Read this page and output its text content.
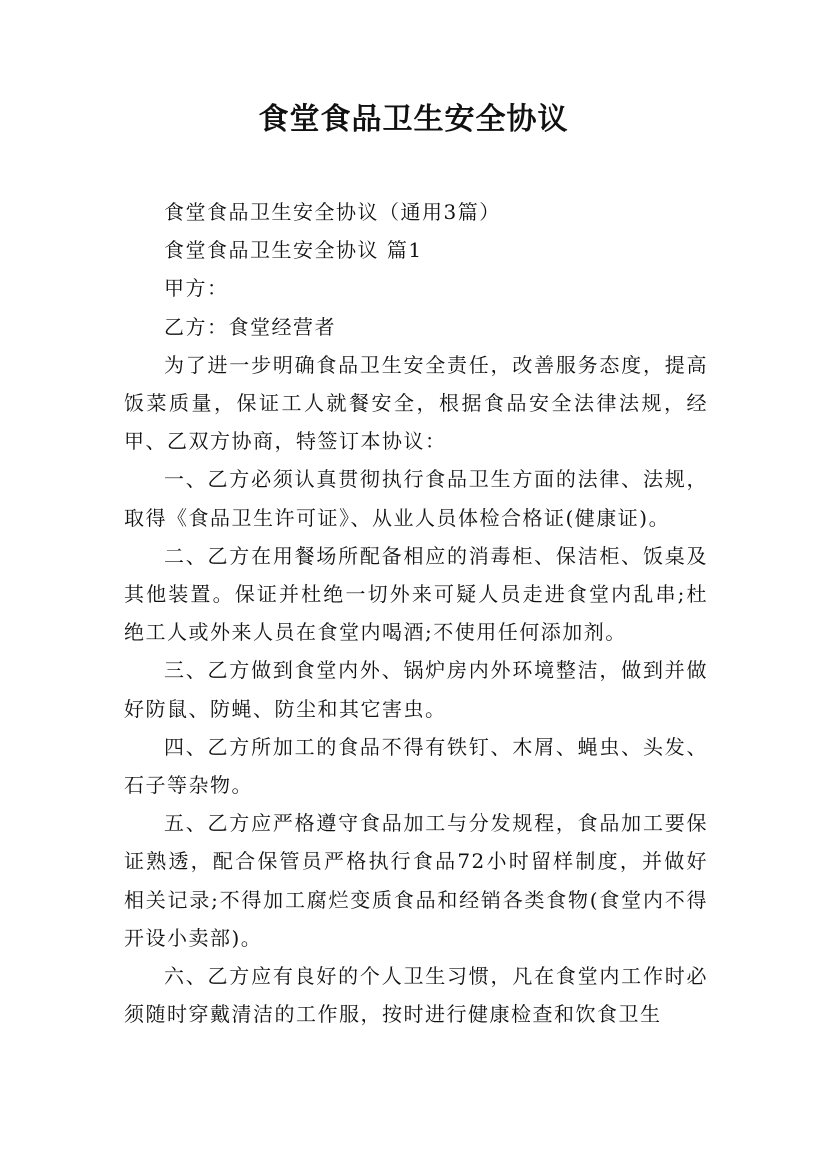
食堂食品卫生安全协议

食堂食品卫生安全协议（通用3篇）

食堂食品卫生安全协议 篇1

甲方：

乙方：食堂经营者

为了进一步明确食品卫生安全责任，改善服务态度，提高饭菜质量，保证工人就餐安全，根据食品安全法律法规，经甲、乙双方协商，特签订本协议：

一、乙方必须认真贯彻执行食品卫生方面的法律、法规，取得《食品卫生许可证》、从业人员体检合格证(健康证)。

二、乙方在用餐场所配备相应的消毒柜、保洁柜、饭桌及其他装置。保证并杜绝一切外来可疑人员走进食堂内乱串;杜绝工人或外来人员在食堂内喝酒;不使用任何添加剂。

三、乙方做到食堂内外、锅炉房内外环境整洁，做到并做好防鼠、防蝇、防尘和其它害虫。

四、乙方所加工的食品不得有铁钉、木屑、蝇虫、头发、石子等杂物。

五、乙方应严格遵守食品加工与分发规程，食品加工要保证熟透，配合保管员严格执行食品72小时留样制度，并做好相关记录;不得加工腐烂变质食品和经销各类食物(食堂内不得开设小卖部)。

六、乙方应有良好的个人卫生习惯，凡在食堂内工作时必须随时穿戴清洁的工作服，按时进行健康检查和饮食卫生
